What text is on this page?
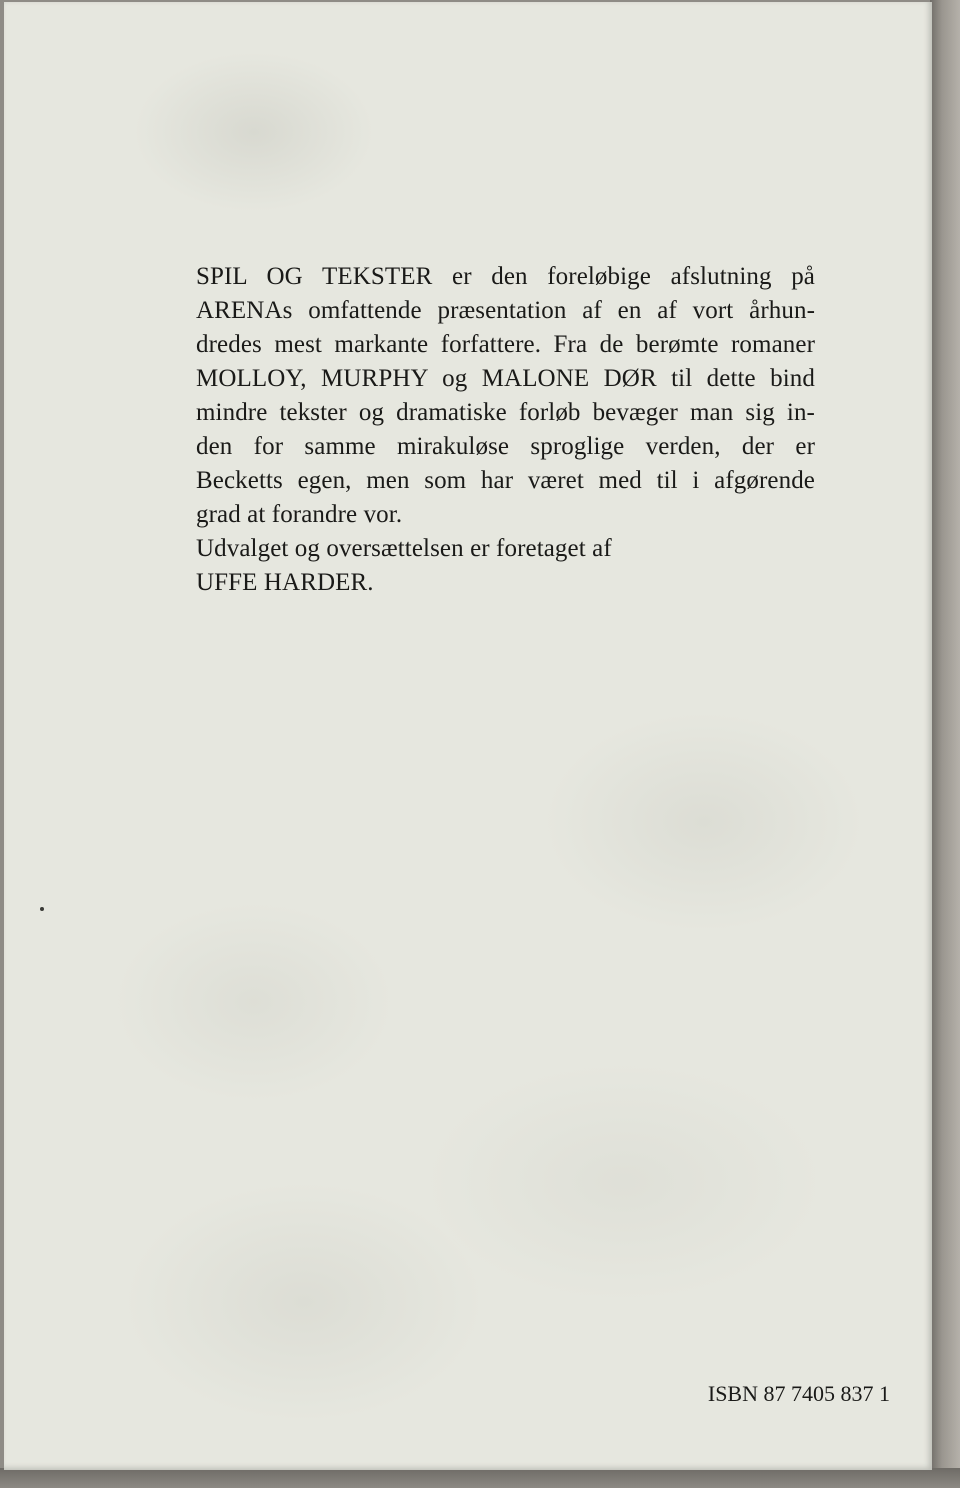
SPIL OG TEKSTER er den foreløbige afslutning på
ARENAs omfattende præsentation af en af vort århun-
dredes mest markante forfattere. Fra de berømte romaner
MOLLOY, MURPHY og MALONE DØR til dette bind
mindre tekster og dramatiske forløb bevæger man sig in-
den for samme mirakuløse sproglige verden, der er
Becketts egen, men som har været med til i afgørende
grad at forandre vor.

Udvalget og oversættelsen er foretaget af
UFFE HARDER.

ISBN 87 7405 837 1
